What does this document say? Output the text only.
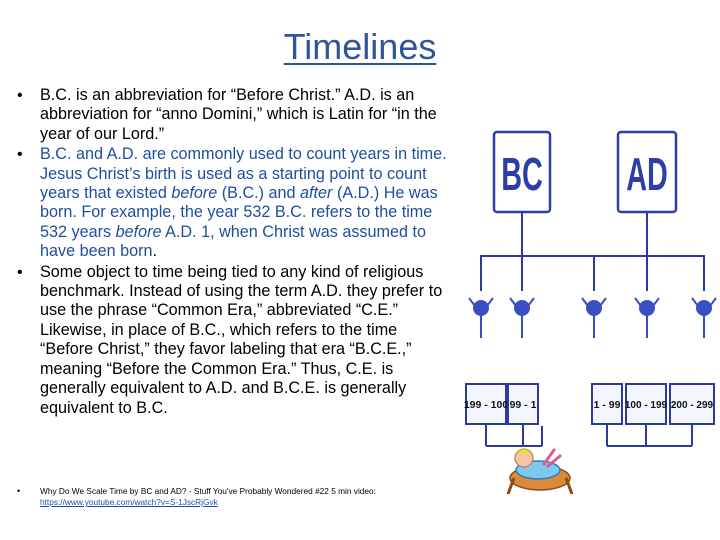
Timelines
• B.C. is an abbreviation for “Before Christ.” A.D. is an abbreviation for “anno Domini,” which is Latin for “in the year of our Lord.”
• B.C. and A.D. are commonly used to count years in time. Jesus Christ’s birth is used as a starting point to count years that existed before (B.C.) and after (A.D.) He was born. For example, the year 532 B.C. refers to the time 532 years before A.D. 1, when Christ was assumed to have been born.
• Some object to time being tied to any kind of religious benchmark. Instead of using the term A.D. they prefer to use the phrase “Common Era,” abbreviated “C.E.” Likewise, in place of B.C., which refers to the time “Before Christ,” they favor labeling that era “B.C.E.,” meaning “Before the Common Era.” Thus, C.E. is generally equivalent to A.D. and B.C.E. is generally equivalent to B.C.
• Why Do We Scale Time by BC and AD? - Stuff You've Probably Wondered #22 5 min video:
https://www.youtube.com/watch?v=S-1JscRjGvk
BC AD
199 - 100 99 - 1	1 - 99 100 - 199 200 - 299
